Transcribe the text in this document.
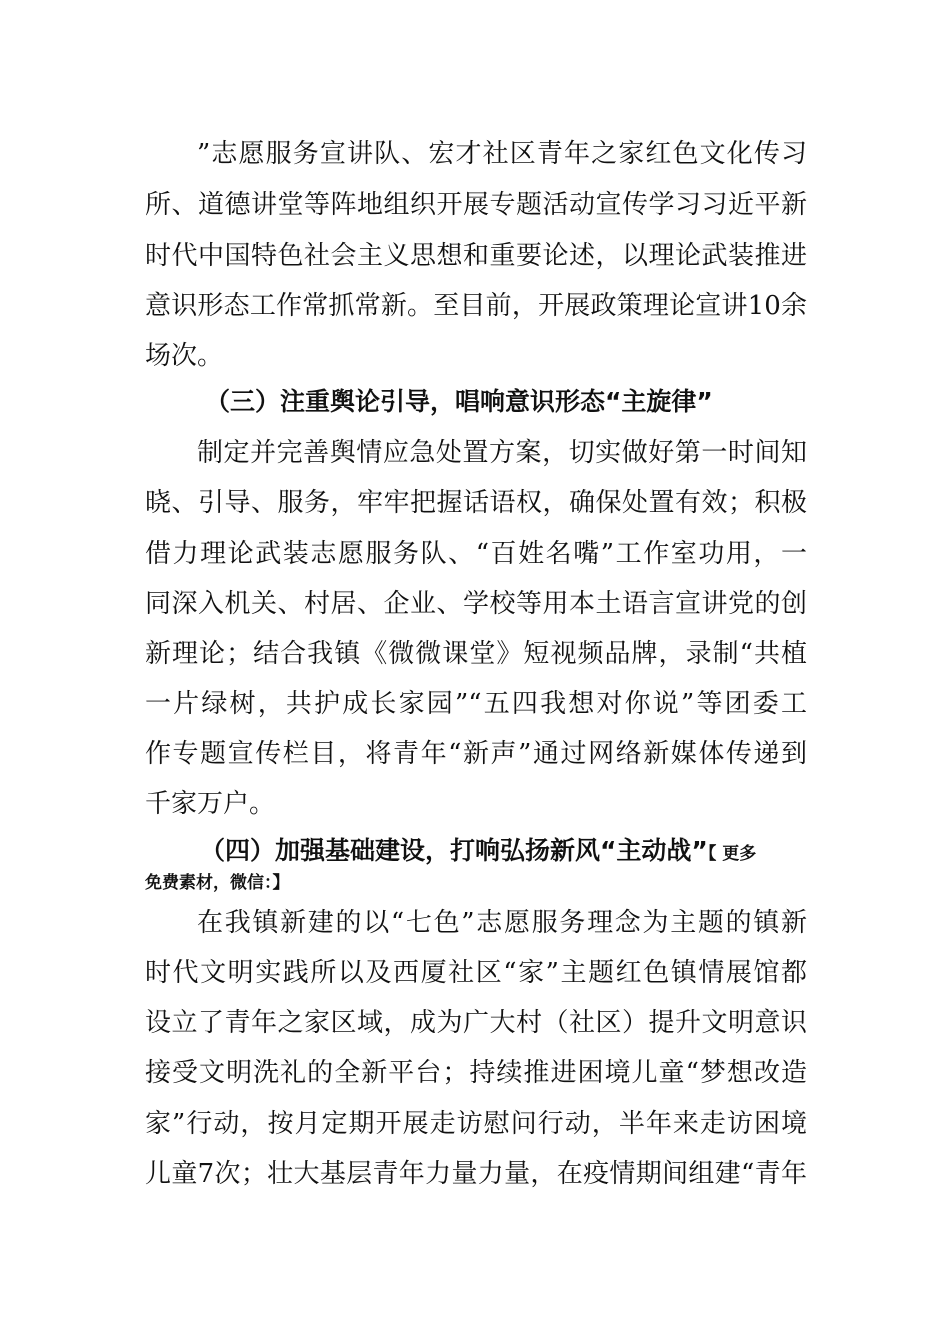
”志愿服务宣讲队、宏才社区青年之家红色文化传习
所、道德讲堂等阵地组织开展专题活动宣传学习习近平新
时代中国特色社会主义思想和重要论述，以理论武装推进
意识形态工作常抓常新。至目前，开展政策理论宣讲10余
场次。
（三）注重舆论引导，唱响意识形态“主旋律”
制定并完善舆情应急处置方案，切实做好第一时间知
晓、引导、服务，牢牢把握话语权，确保处置有效；积极
借力理论武装志愿服务队、“百姓名嘴”工作室功用，一
同深入机关、村居、企业、学校等用本土语言宣讲党的创
新理论；结合我镇《微微课堂》短视频品牌，录制“共植
一片绿树，共护成长家园”“五四我想对你说”等团委工
作专题宣传栏目，将青年“新声”通过网络新媒体传递到
千家万户。
（四）加强基础建设，打响弘扬新风“主动战”【 更多
免费素材，微信：】
在我镇新建的以“七色”志愿服务理念为主题的镇新
时代文明实践所以及西厦社区“家”主题红色镇情展馆都
设立了青年之家区域，成为广大村（社区）提升文明意识
接受文明洗礼的全新平台；持续推进困境儿童“梦想改造
家”行动，按月定期开展走访慰问行动，半年来走访困境
儿童7次；壮大基层青年力量力量，在疫情期间组建“青年
